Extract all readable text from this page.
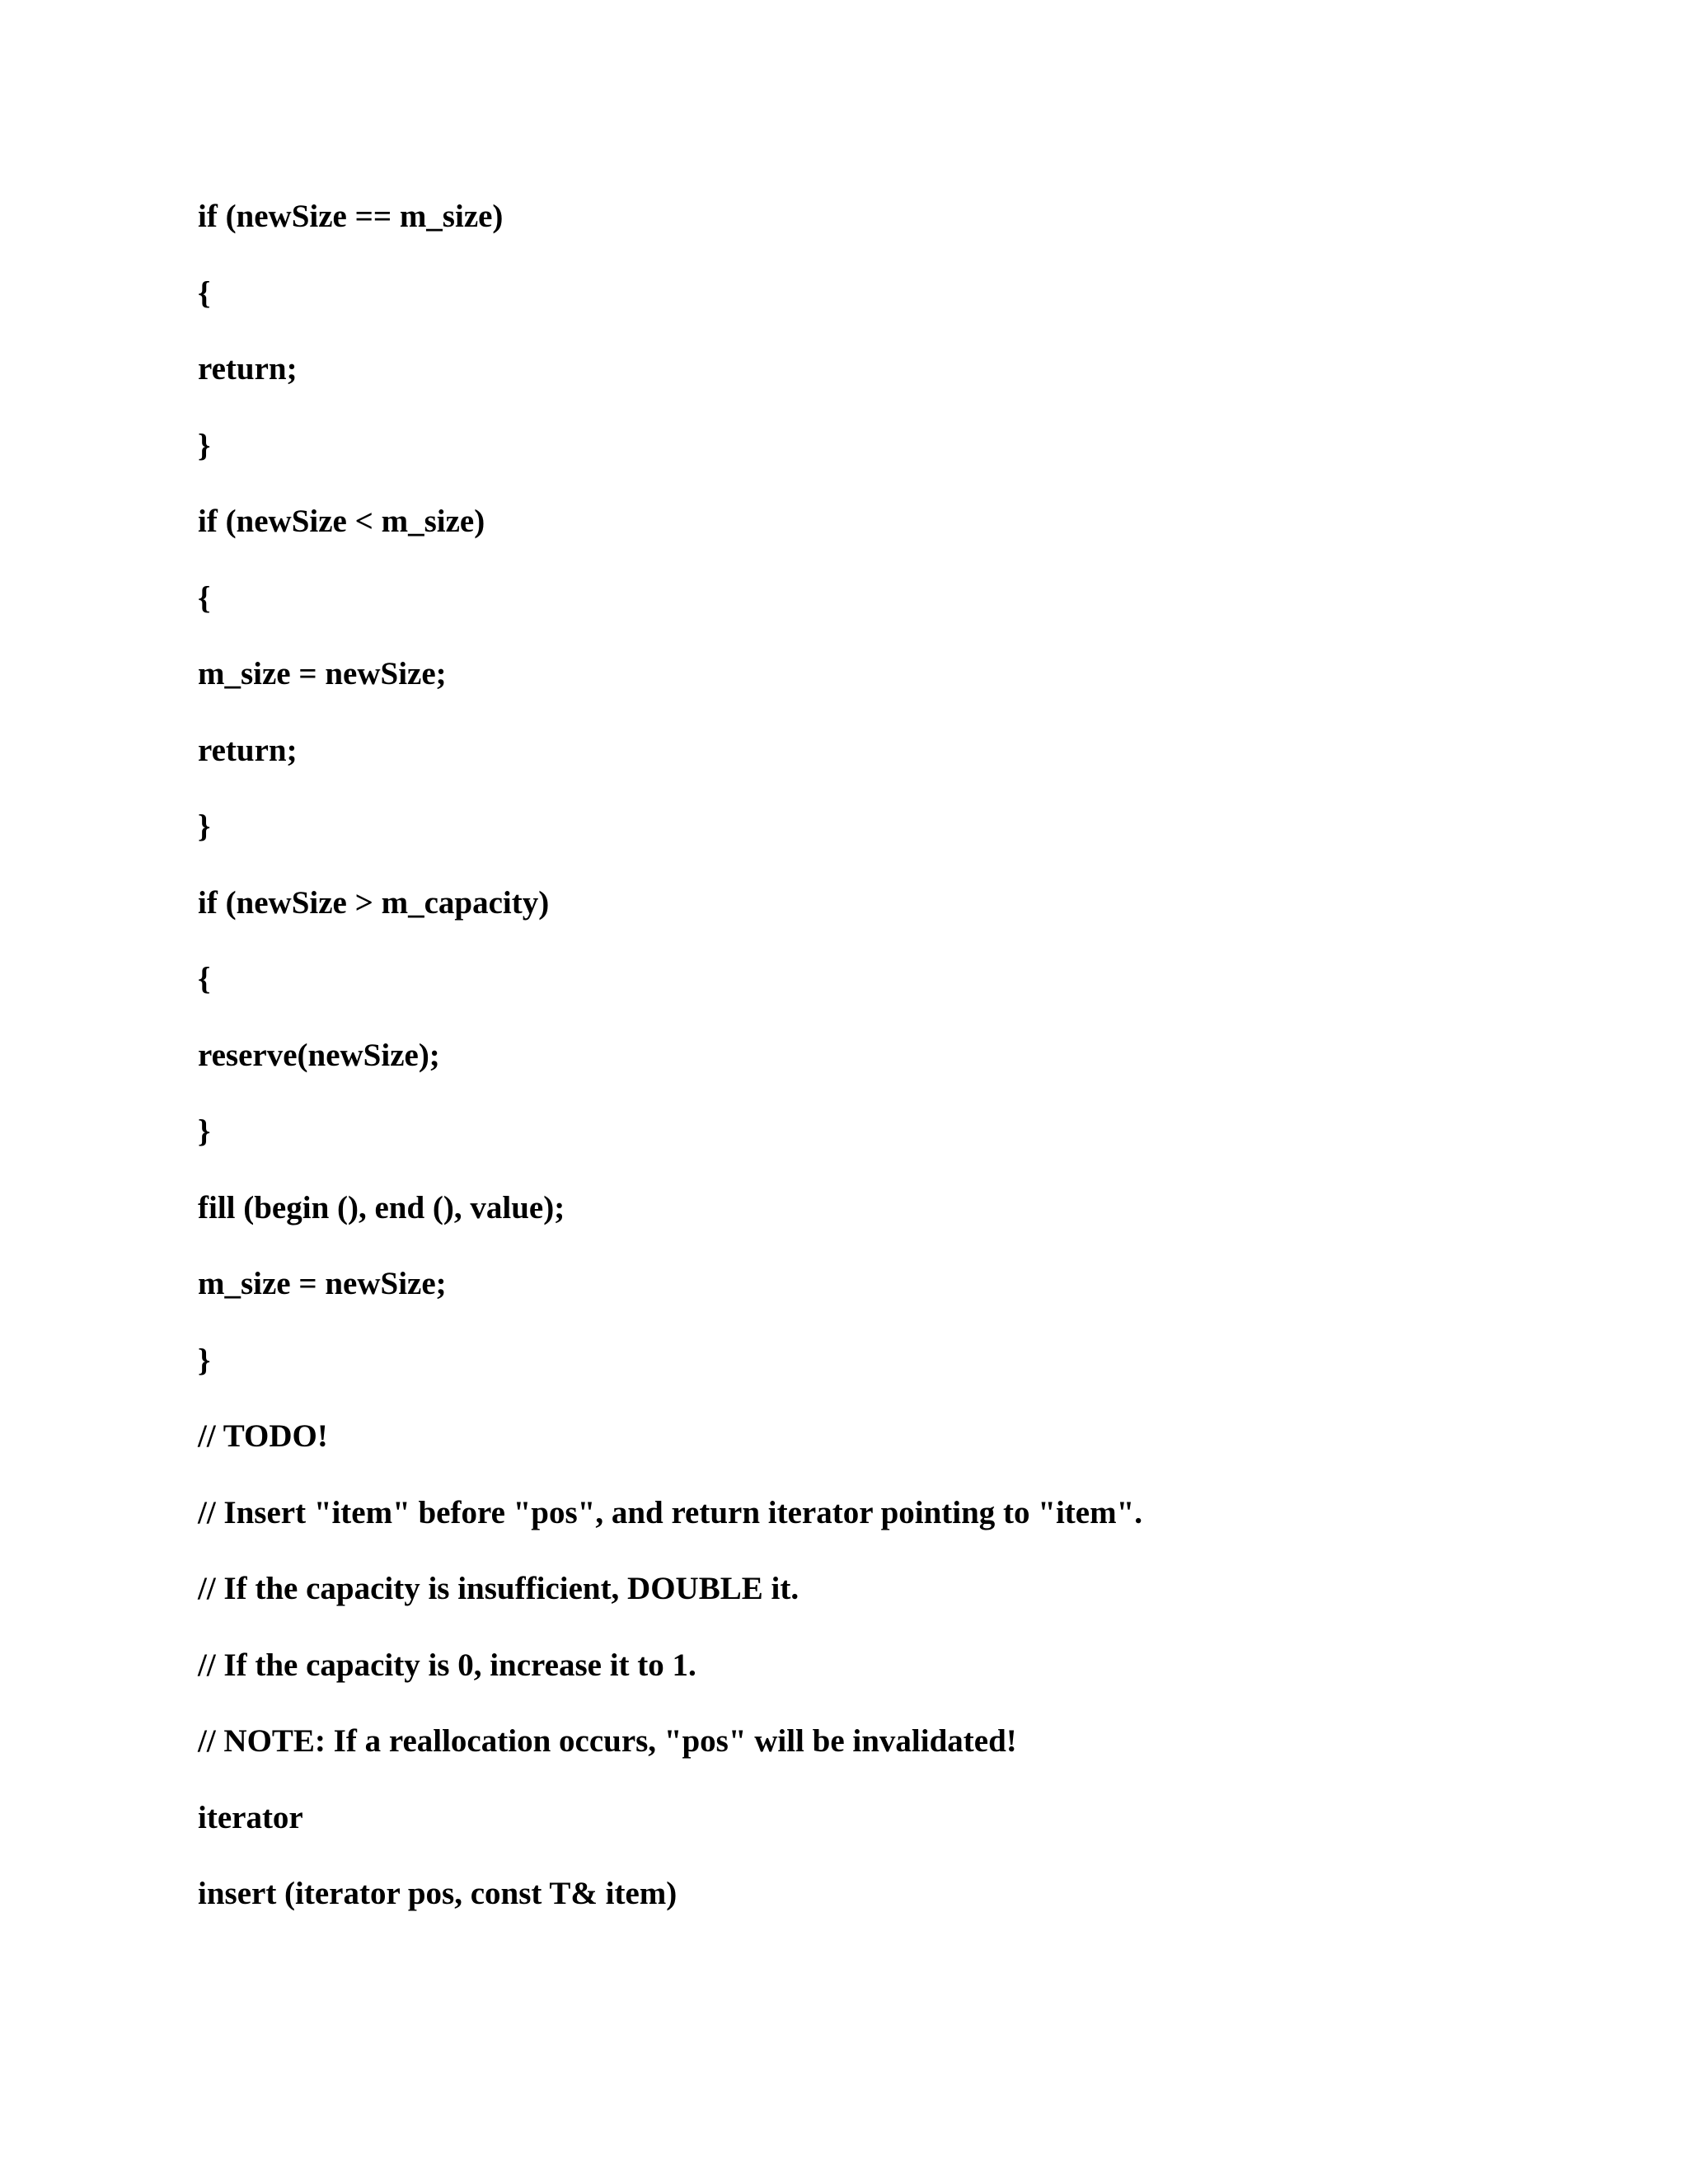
if (newSize == m_size)
{
return;
}
if (newSize < m_size)
{
m_size = newSize;
return;
}
if (newSize > m_capacity)
{
reserve(newSize);
}
fill (begin (), end (), value);
m_size = newSize;
}
// TODO!
// Insert "item" before "pos", and return iterator pointing to "item".
// If the capacity is insufficient, DOUBLE it.
// If the capacity is 0, increase it to 1.
// NOTE: If a reallocation occurs, "pos" will be invalidated!
iterator
insert (iterator pos, const T& item)
